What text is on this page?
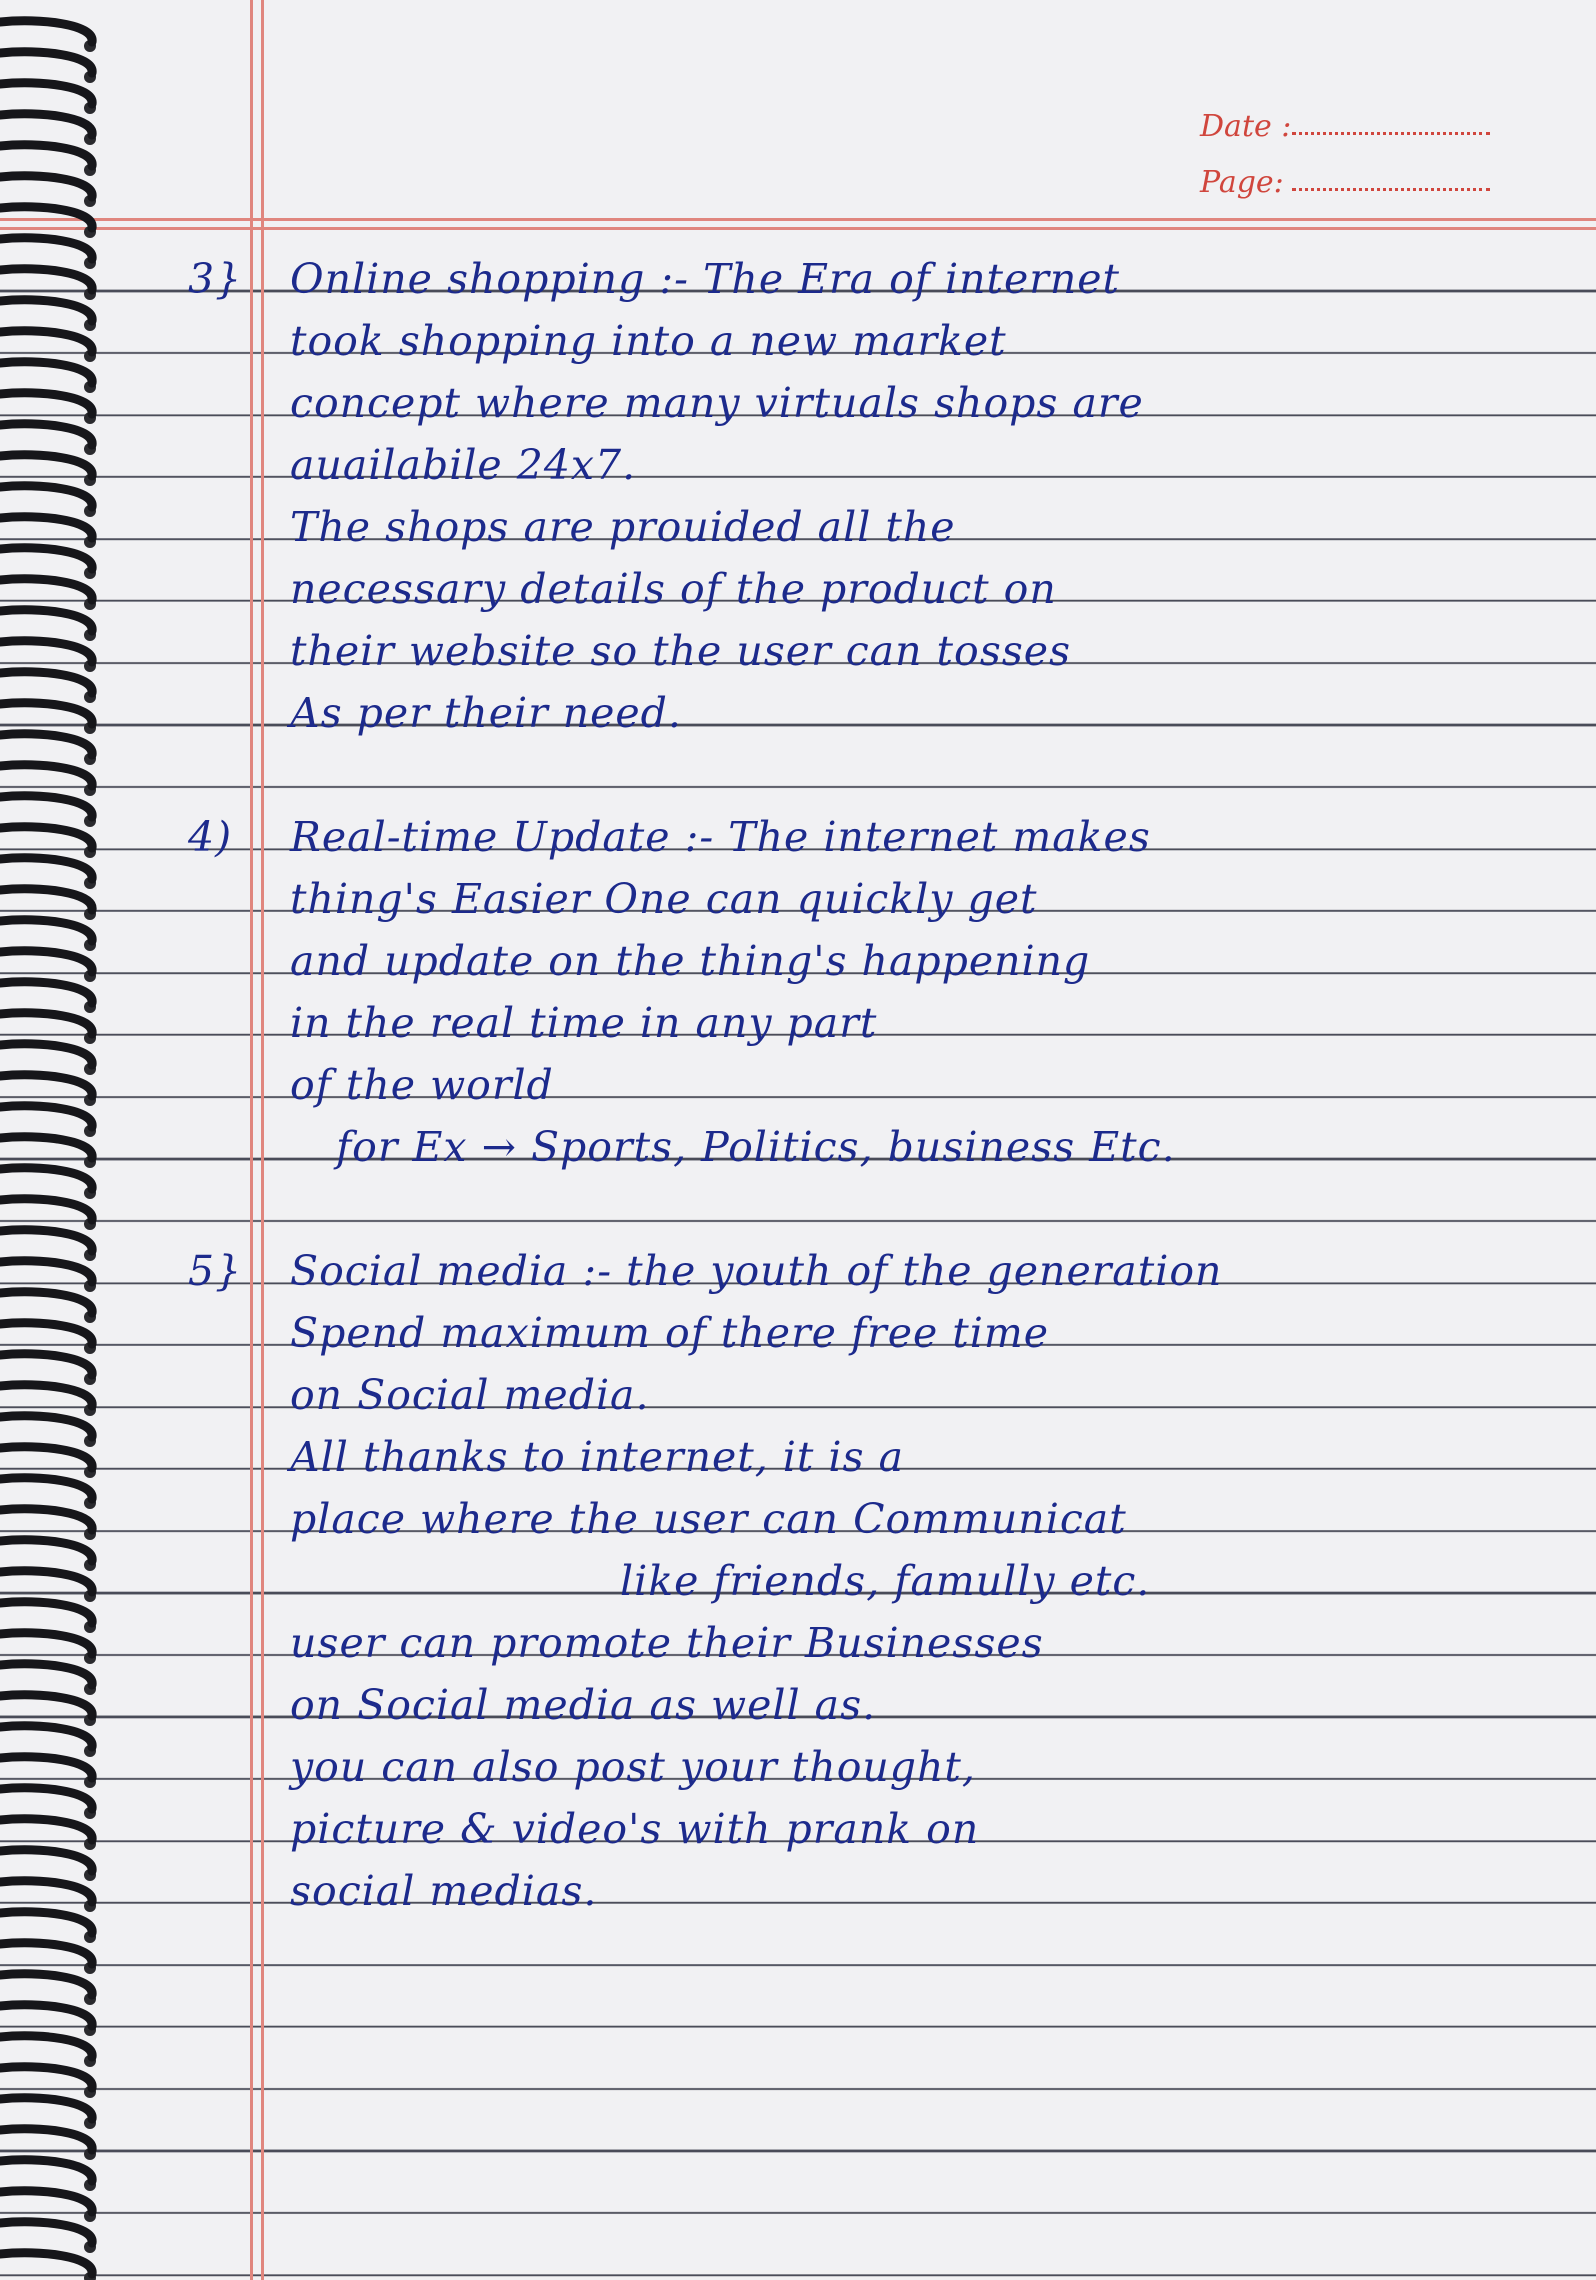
Date :
Page:
3} Online shopping :- The Era of internet

took shopping into a new market

concept where many virtuals shops are

auailabile 24x7.

The shops are prouided all the

necessary details of the product on

their website so the user can tosses

As per their need.

4) Real-time Update :- The internet makes

thing's Easier One can quickly get

and update on the thing's happening

in the real time in any part

of the world

for Ex → Sports, Politics, business Etc.

5} Social media :- the youth of the generation

Spend maximum of there free time

on Social media.

All thanks to internet, it is a

place where the user can Communicat

like friends, famully etc.

user can promote their Businesses

on Social media as well as.

you can also post your thought,

picture & video's with prank on

social medias.
